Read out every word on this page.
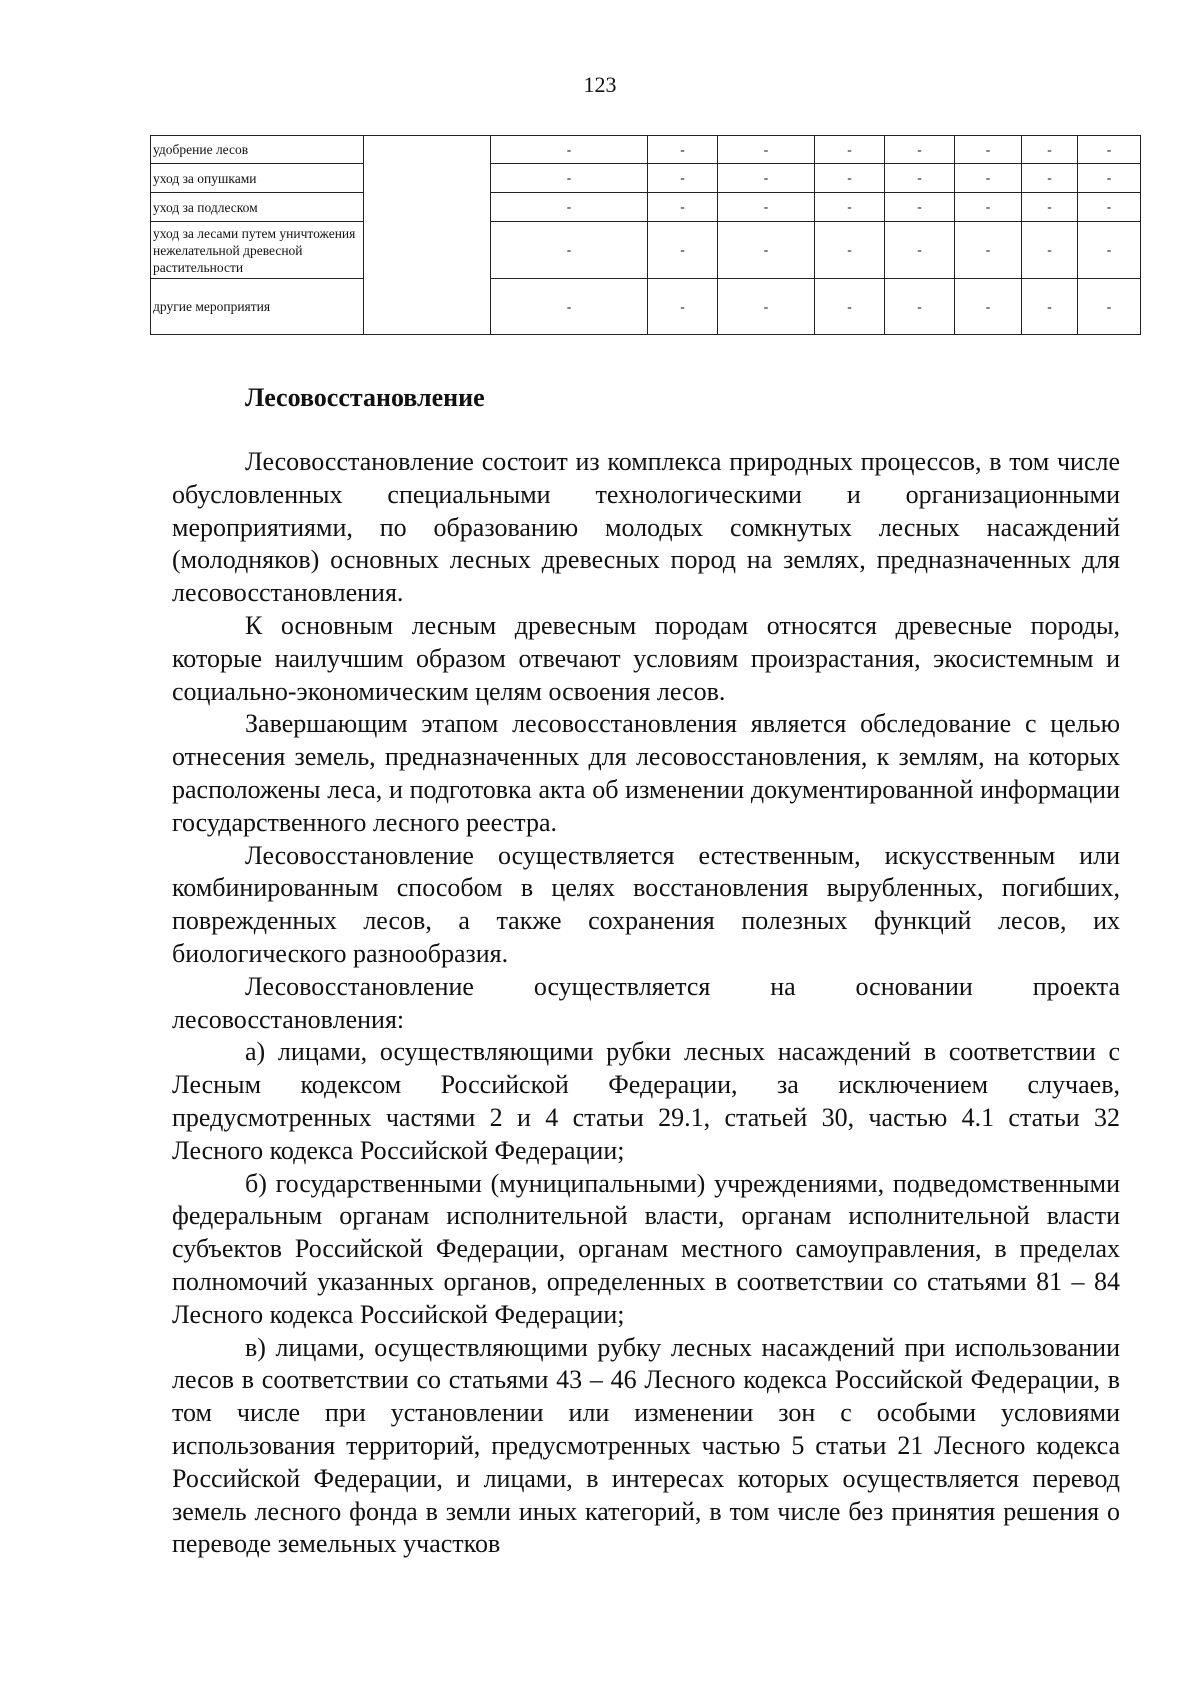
123
удобрение лесов		-	-	-	-	-	-	-	-
уход за опушками		-	-	-	-	-	-	-	-
уход за подлеском		-	-	-	-	-	-	-	-
уход за лесами путем уничтожения нежелательной древесной растительности		-	-	-	-	-	-	-	-
другие мероприятия		-	-	-	-	-	-	-	-
Лесовосстановление

Лесовосстановление состоит из комплекса природных процессов, в том числе обусловленных специальными технологическими и организационными мероприятиями, по образованию молодых сомкнутых лесных насаждений (молодняков) основных лесных древесных пород на землях, предназначенных для лесовосстановления.

К основным лесным древесным породам относятся древесные породы, которые наилучшим образом отвечают условиям произрастания, экосистемным и социально-экономическим целям освоения лесов.

Завершающим этапом лесовосстановления является обследование с целью отнесения земель, предназначенных для лесовосстановления, к землям, на которых расположены леса, и подготовка акта об изменении документированной информации государственного лесного реестра.

Лесовосстановление осуществляется естественным, искусственным или комбинированным способом в целях восстановления вырубленных, погибших, поврежденных лесов, а также сохранения полезных функций лесов, их биологического разнообразия.

Лесовосстановление осуществляется на основании проекта лесовосстановления:

а) лицами, осуществляющими рубки лесных насаждений в соответствии с Лесным кодексом Российской Федерации, за исключением случаев, предусмотренных частями 2 и 4 статьи 29.1, статьей 30, частью 4.1 статьи 32 Лесного кодекса Российской Федерации;

б) государственными (муниципальными) учреждениями, подведомственными федеральным органам исполнительной власти, органам исполнительной власти субъектов Российской Федерации, органам местного самоуправления, в пределах полномочий указанных органов, определенных в соответствии со статьями 81 – 84 Лесного кодекса Российской Федерации;

в) лицами, осуществляющими рубку лесных насаждений при использовании лесов в соответствии со статьями 43 – 46 Лесного кодекса Российской Федерации, в том числе при установлении или изменении зон с особыми условиями использования территорий, предусмотренных частью 5 статьи 21 Лесного кодекса Российской Федерации, и лицами, в интересах которых осуществляется перевод земель лесного фонда в земли иных категорий, в том числе без принятия решения о переводе земельных участков
